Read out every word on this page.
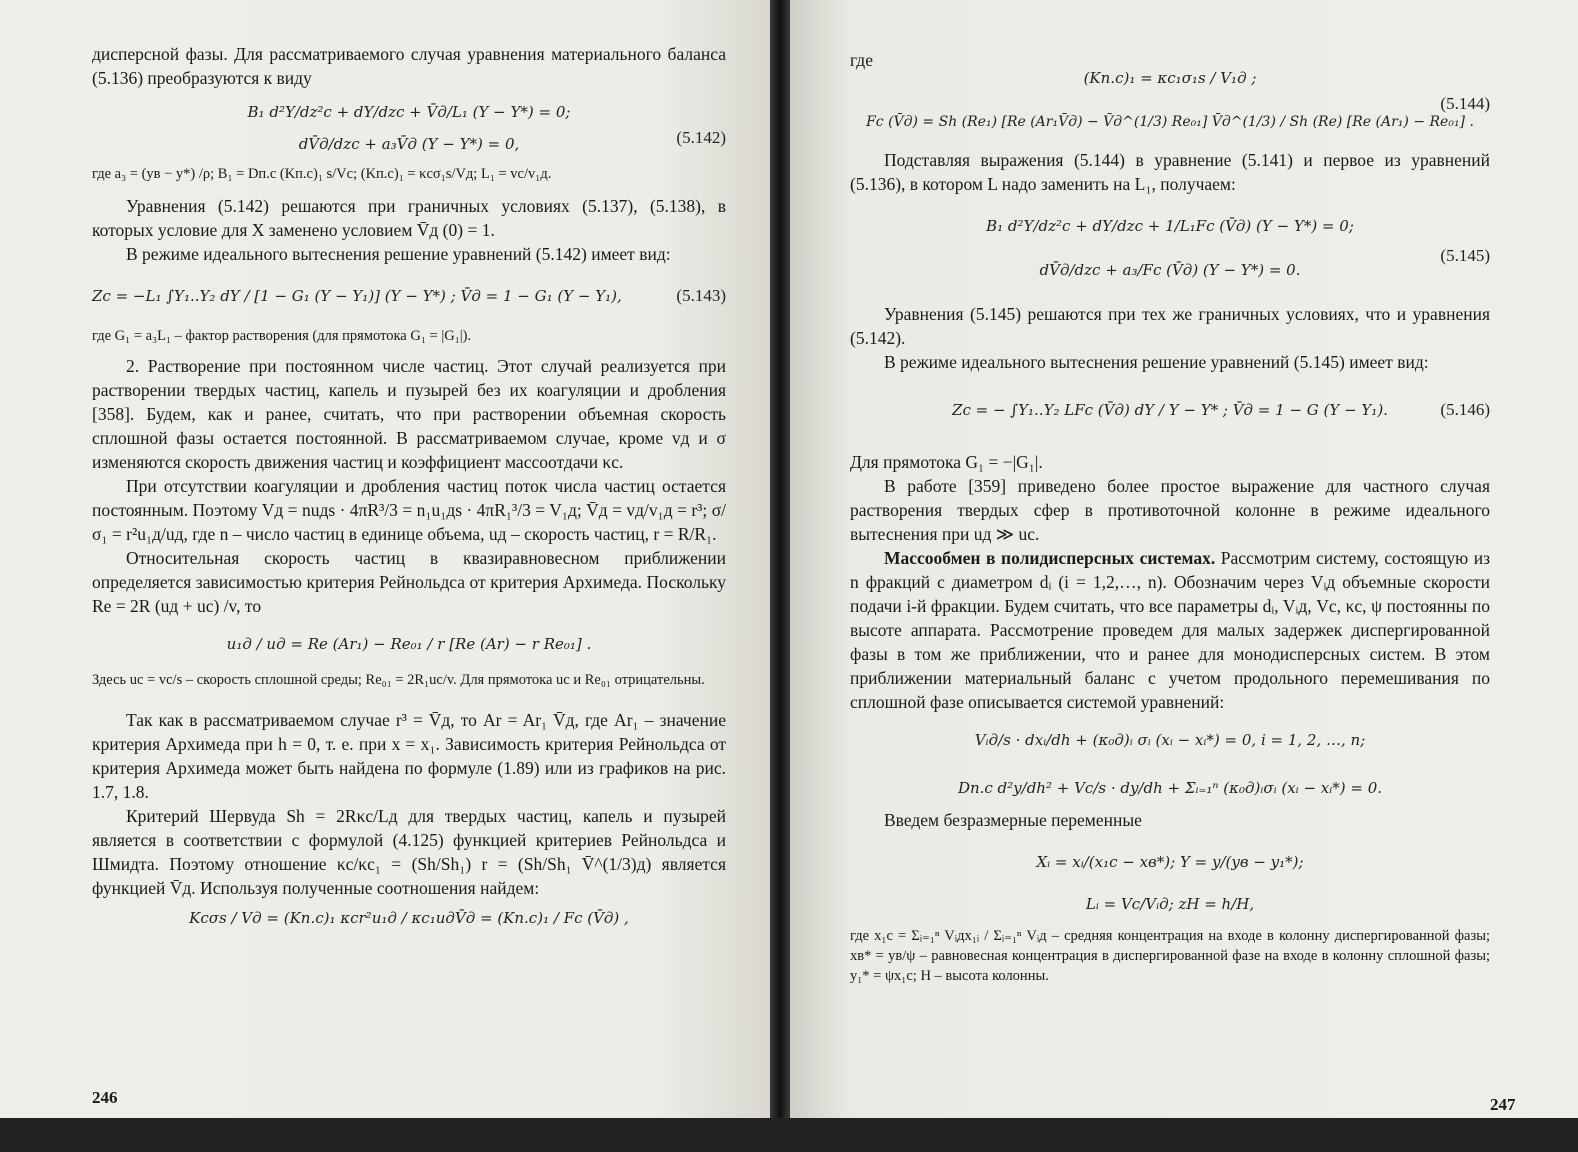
дисперсной фазы. Для рассматриваемого случая уравнения материального баланса (5.136) преобразуются к виду

B₁ d²Y/dz²c + dY/dzc + V̄д/L₁ (Y − Y*) = 0;
(5.142)
dV̄д/dzc + a₃V̄д (Y − Y*) = 0,

где a₃ = (yв − y*) /ρ; B₁ = Dп.с (Kп.с)₁ s/Vc; (Kп.с)₁ = κcσ₁s/Vд; L₁ = vc/v₁д.

Уравнения (5.142) решаются при граничных условиях (5.137), (5.138), в которых условие для X заменено условием V̄д (0) = 1.

В режиме идеального вытеснения решение уравнений (5.142) имеет вид:

Zc = −L₁ ∫Y₁..Y₂ dY / [1 − G₁ (Y − Y₁)] (Y − Y*) ; V̄д = 1 − G₁ (Y − Y₁),	(5.143)

где G₁ = a₃L₁ – фактор растворения (для прямотока G₁ = |G₁|).

2. Растворение при постоянном числе частиц. Этот случай реализуется при растворении твердых частиц, капель и пузырей без их коагуляции и дробления [358]. Будем, как и ранее, считать, что при растворении объемная скорость сплошной фазы остается постоянной. В рассматриваемом случае, кроме vд и σ изменяются скорость движения частиц и коэффициент массоотдачи κc.

При отсутствии коагуляции и дробления частиц поток числа частиц остается постоянным. Поэтому Vд = nuдs · 4πR³/3 = n₁u₁дs · 4πR₁³/3 = V₁д; V̄д = vд/v₁д = r³; σ/σ₁ = r²u₁д/uд, где n – число частиц в единице объема, uд – скорость частиц, r = R/R₁.

Относительная скорость частиц в квазиравновесном приближении определяется зависимостью критерия Рейнольдса от критерия Архимеда. Поскольку Re = 2R (uд + uc) /v, то

u₁д / uд = Re (Ar₁) − Re₀₁ / r [Re (Ar) − r Re₀₁] .

Здесь uc = vc/s – скорость сплошной среды; Re₀₁ = 2R₁uc/v. Для прямотока uc и Re₀₁ отрицательны.

Так как в рассматриваемом случае r³ = V̄д, то Ar = Ar₁ V̄д, где Ar₁ – значение критерия Архимеда при h = 0, т. е. при x = x₁. Зависимость критерия Рейнольдса от критерия Архимеда может быть найдена по формуле (1.89) или из графиков на рис. 1.7, 1.8.

Критерий Шервуда Sh = 2Rκc/Lд для твердых частиц, капель и пузырей является в соответствии с формулой (4.125) функцией критериев Рейнольдса и Шмидта. Поэтому отношение κc/κc₁ = (Sh/Sh₁) r = (Sh/Sh₁ V̄^(1/3)д) является функцией V̄д. Используя полученные соотношения найдем:

Kcσs / Vд = (Kп.с)₁ κcr²u₁д / κc₁uдV̄д = (Kп.с)₁ / Fc (V̄д) ,
246

где

(Kп.с)₁ = κc₁σ₁s / V₁д ;
(5.144)
Fc (V̄д) = Sh (Re₁) [Re (Ar₁V̄д) − V̄д^(1/3) Re₀₁] V̄д^(1/3) / Sh (Re) [Re (Ar₁) − Re₀₁] .

Подставляя выражения (5.144) в уравнение (5.141) и первое из уравнений (5.136), в котором L надо заменить на L₁, получаем:

B₁ d²Y/dz²c + dY/dzc + 1/L₁Fc (V̄д) (Y − Y*) = 0;
(5.145)
dV̄д/dzc + a₃/Fc (V̄д) (Y − Y*) = 0.

Уравнения (5.145) решаются при тех же граничных условиях, что и уравнения (5.142).

В режиме идеального вытеснения решение уравнений (5.145) имеет вид:

Zc = − ∫Y₁..Y₂ LFc (V̄д) dY / Y − Y* ; V̄д = 1 − G (Y − Y₁).	(5.146)

Для прямотока G₁ = −|G₁|.

В работе [359] приведено более простое выражение для частного случая растворения твердых сфер в противоточной колонне в режиме идеального вытеснения при uд ≫ uc.

Массообмен в полидисперсных системах. Рассмотрим систему, состоящую из n фракций с диаметром dᵢ (i = 1,2,…, n). Обозначим через Vᵢд объемные скорости подачи i-й фракции. Будем считать, что все параметры dᵢ, Vᵢд, Vc, κc, ψ постоянны по высоте аппарата. Рассмотрение проведем для малых задержек диспергированной фазы в том же приближении, что и ранее для монодисперсных систем. В этом приближении материальный баланс с учетом продольного перемешивания по сплошной фазе описывается системой уравнений:

Vᵢд/s · dxᵢ/dh + (κ₀д)ᵢ σᵢ (xᵢ − xᵢ*) = 0, i = 1, 2, …, n;
Dп.с d²y/dh² + Vc/s · dy/dh + Σᵢ₌₁ⁿ (κ₀д)ᵢσᵢ (xᵢ − xᵢ*) = 0.

Введем безразмерные переменные

Xᵢ = xᵢ/(x₁c − xв*); Y = y/(yв − y₁*);
Lᵢ = Vc/Vᵢд; zH = h/H,

где x₁c = Σᵢ₌₁ⁿ Vᵢдx₁ᵢ / Σᵢ₌₁ⁿ Vᵢд – средняя концентрация на входе в колонну диспергированной фазы; xв* = yв/ψ – равновесная концентрация в диспергированной фазе на входе в колонну сплошной фазы; y₁* = ψx₁c; H – высота колонны.

247
